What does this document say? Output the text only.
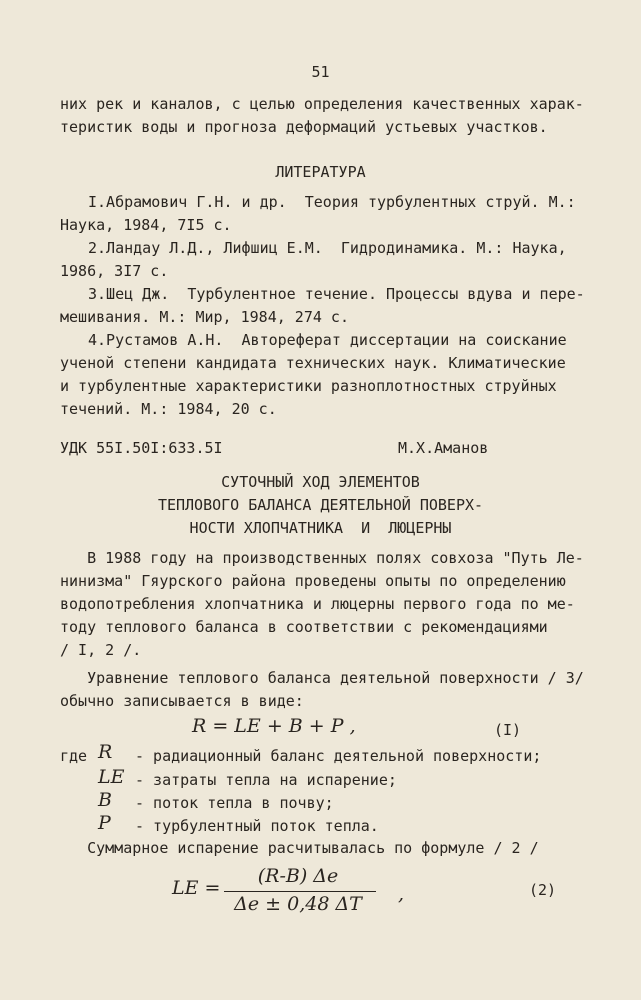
51
них рек и каналов, с целью определения качественных харак-
теристик воды и прогноза деформаций устьевых участков.
ЛИТЕРАТУРА
I.Абрамович Г.Н. и др.  Теория турбулентных струй. М.:
Наука, 1984, 7I5 с.
2.Ландау Л.Д., Лифшиц Е.М.  Гидродинамика. М.: Наука,
1986, 3I7 с.
3.Шец Дж.  Турбулентное течение. Процессы вдува и пере-
мешивания. М.: Мир, 1984, 274 с.
4.Рустамов А.Н.  Автореферат диссертации на соискание
ученой степени кандидата технических наук. Климатические
и турбулентные характеристики разноплотностных струйных
течений. М.: 1984, 20 с.
УДК 55I.50I:633.5I	М.Х.Аманов
СУТОЧНЫЙ ХОД ЭЛЕМЕНТОВ
ТЕПЛОВОГО БАЛАНСА ДЕЯТЕЛЬНОЙ ПОВЕРХ-
НОСТИ ХЛОПЧАТНИКА  И  ЛЮЦЕРНЫ
В 1988 году на производственных полях совхоза "Путь Ле-
нинизма" Гяурского района проведены опыты по определению
водопотребления хлопчатника и люцерны первого года по ме-
тоду теплового баланса в соответствии с рекомендациями
/ I, 2 /.
Уравнение теплового баланса деятельной поверхности / 3/
обычно записывается в виде:
R = LE + B + P ,	(I)
где R - радиационный баланс деятельной поверхности;
LE - затраты тепла на испарение;
B - поток тепла в почву;
P - турбулентный поток тепла.
Суммарное испарение расчитывалась по формуле / 2 /
LE =
(R-B) Δe
Δe ± 0,48 ΔT	,	(2)
